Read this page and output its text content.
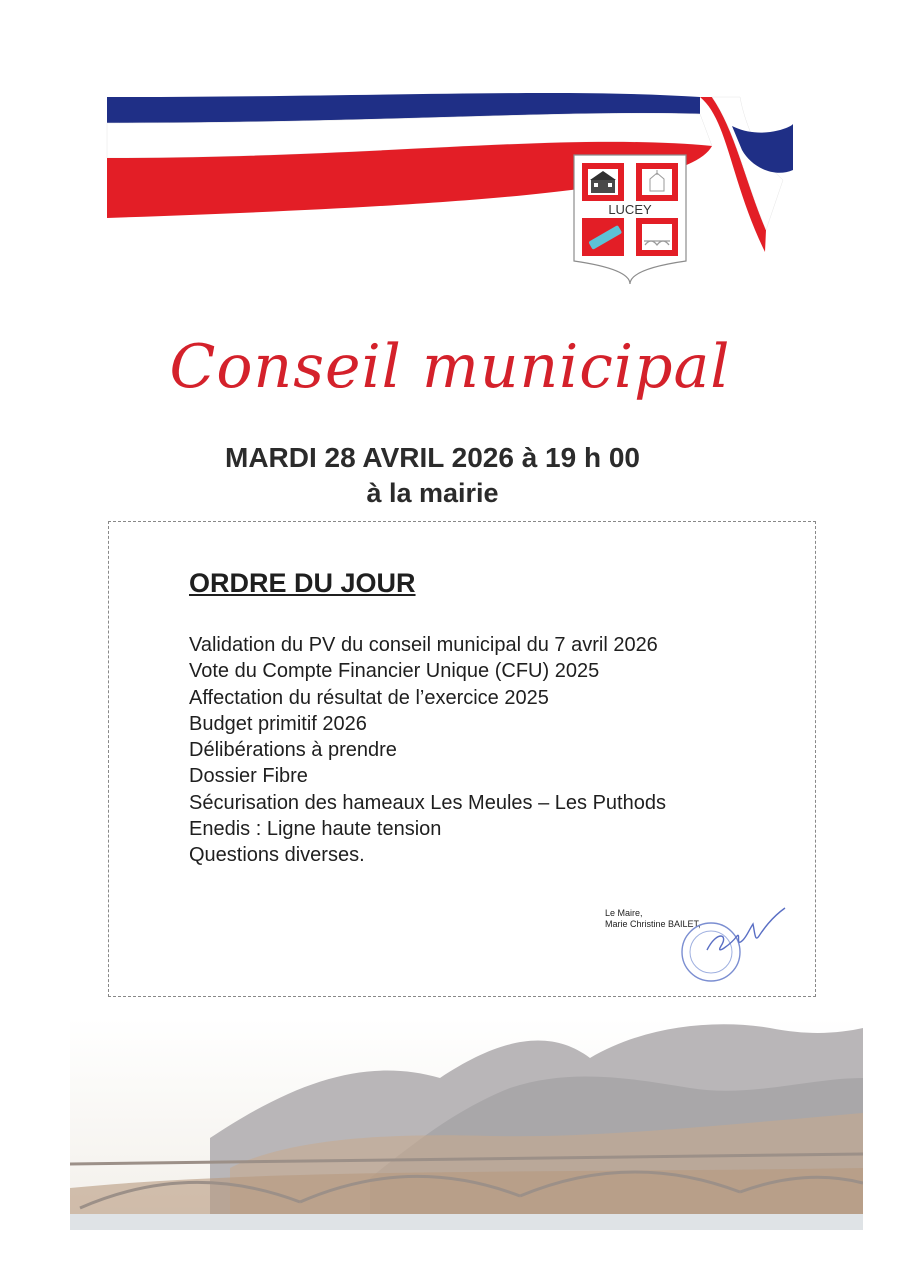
LUCEY
Conseil municipal
MARDI 28 AVRIL 2026 à 19 h 00
à la mairie
ORDRE DU JOUR
Validation du PV du conseil municipal du 7 avril 2026
Vote du Compte Financier Unique (CFU) 2025
Affectation du résultat de l’exercice 2025
Budget primitif 2026
Délibérations à prendre
Dossier Fibre
Sécurisation des hameaux Les Meules – Les Puthods
Enedis : Ligne haute tension
Questions diverses.
Le Maire,
Marie Christine BAILET,
